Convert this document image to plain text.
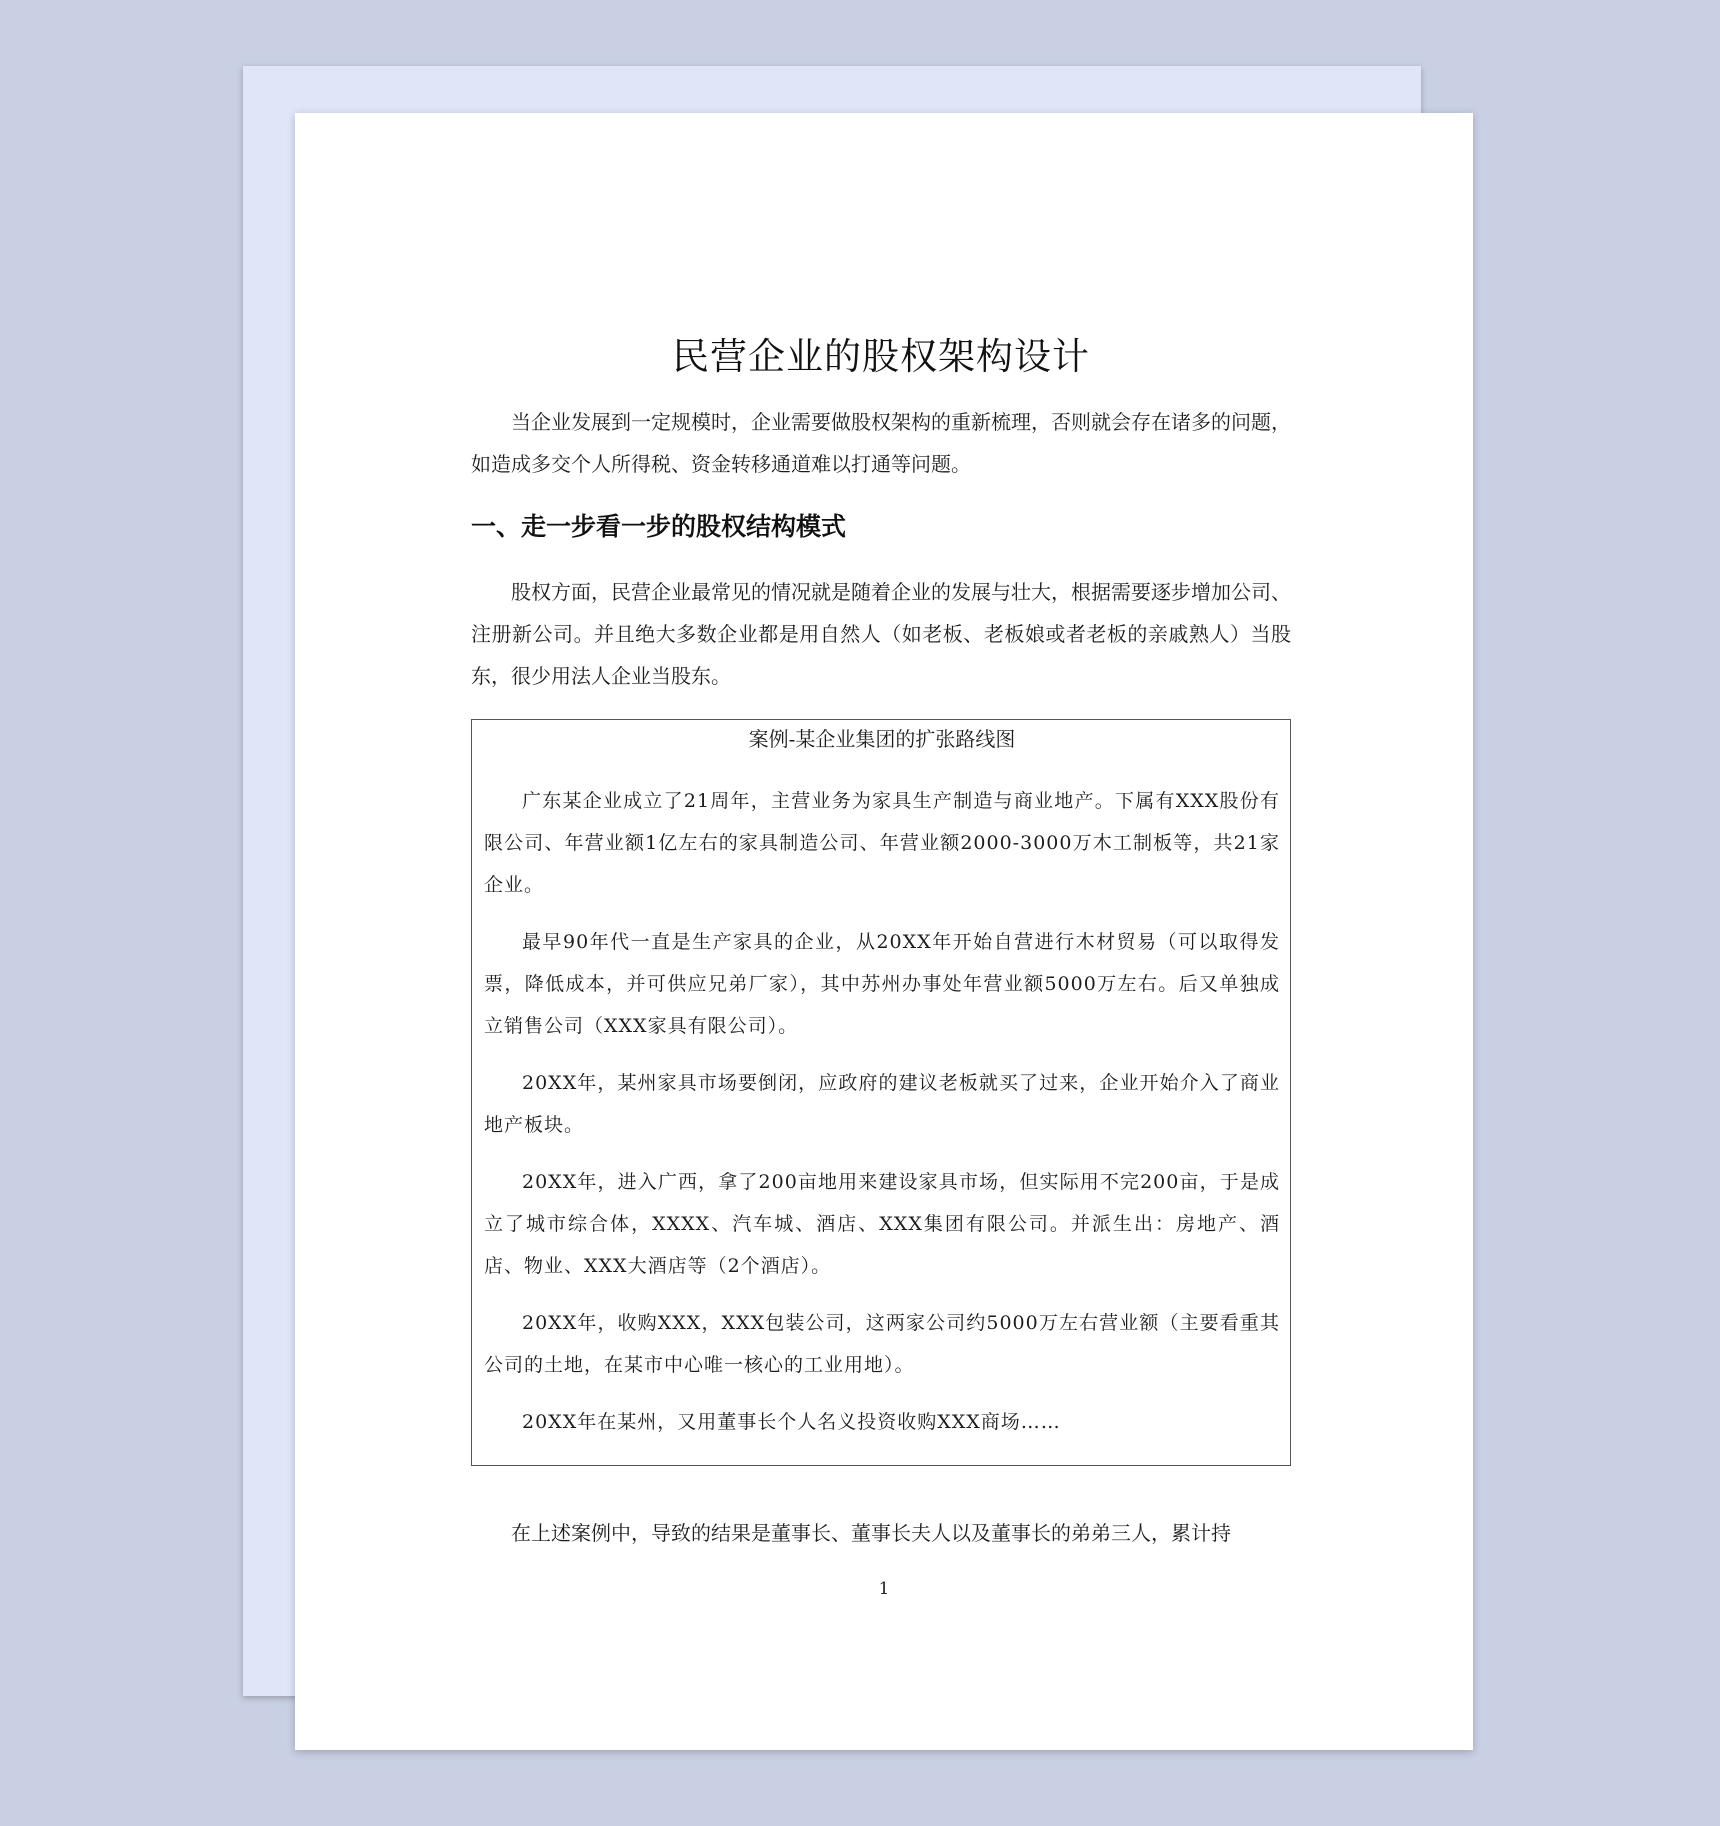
民营企业的股权架构设计

当企业发展到一定规模时，企业需要做股权架构的重新梳理，否则就会存在诸多的问题，如造成多交个人所得税、资金转移通道难以打通等问题。

一、走一步看一步的股权结构模式

股权方面，民营企业最常见的情况就是随着企业的发展与壮大，根据需要逐步增加公司、注册新公司。并且绝大多数企业都是用自然人（如老板、老板娘或者老板的亲戚熟人）当股东，很少用法人企业当股东。

案例-某企业集团的扩张路线图

广东某企业成立了21周年，主营业务为家具生产制造与商业地产。下属有XXX股份有限公司、年营业额1亿左右的家具制造公司、年营业额2000-3000万木工制板等，共21家企业。

最早90年代一直是生产家具的企业，从20XX年开始自营进行木材贸易（可以取得发票，降低成本，并可供应兄弟厂家），其中苏州办事处年营业额5000万左右。后又单独成立销售公司（XXX家具有限公司）。

20XX年，某州家具市场要倒闭，应政府的建议老板就买了过来，企业开始介入了商业地产板块。

20XX年，进入广西，拿了200亩地用来建设家具市场，但实际用不完200亩，于是成立了城市综合体，XXXX、汽车城、酒店、XXX集团有限公司。并派生出：房地产、酒店、物业、XXX大酒店等（2个酒店）。

20XX年，收购XXX，XXX包装公司，这两家公司约5000万左右营业额（主要看重其公司的土地，在某市中心唯一核心的工业用地）。

20XX年在某州，又用董事长个人名义投资收购XXX商场……

在上述案例中，导致的结果是董事长、董事长夫人以及董事长的弟弟三人，累计持

1
